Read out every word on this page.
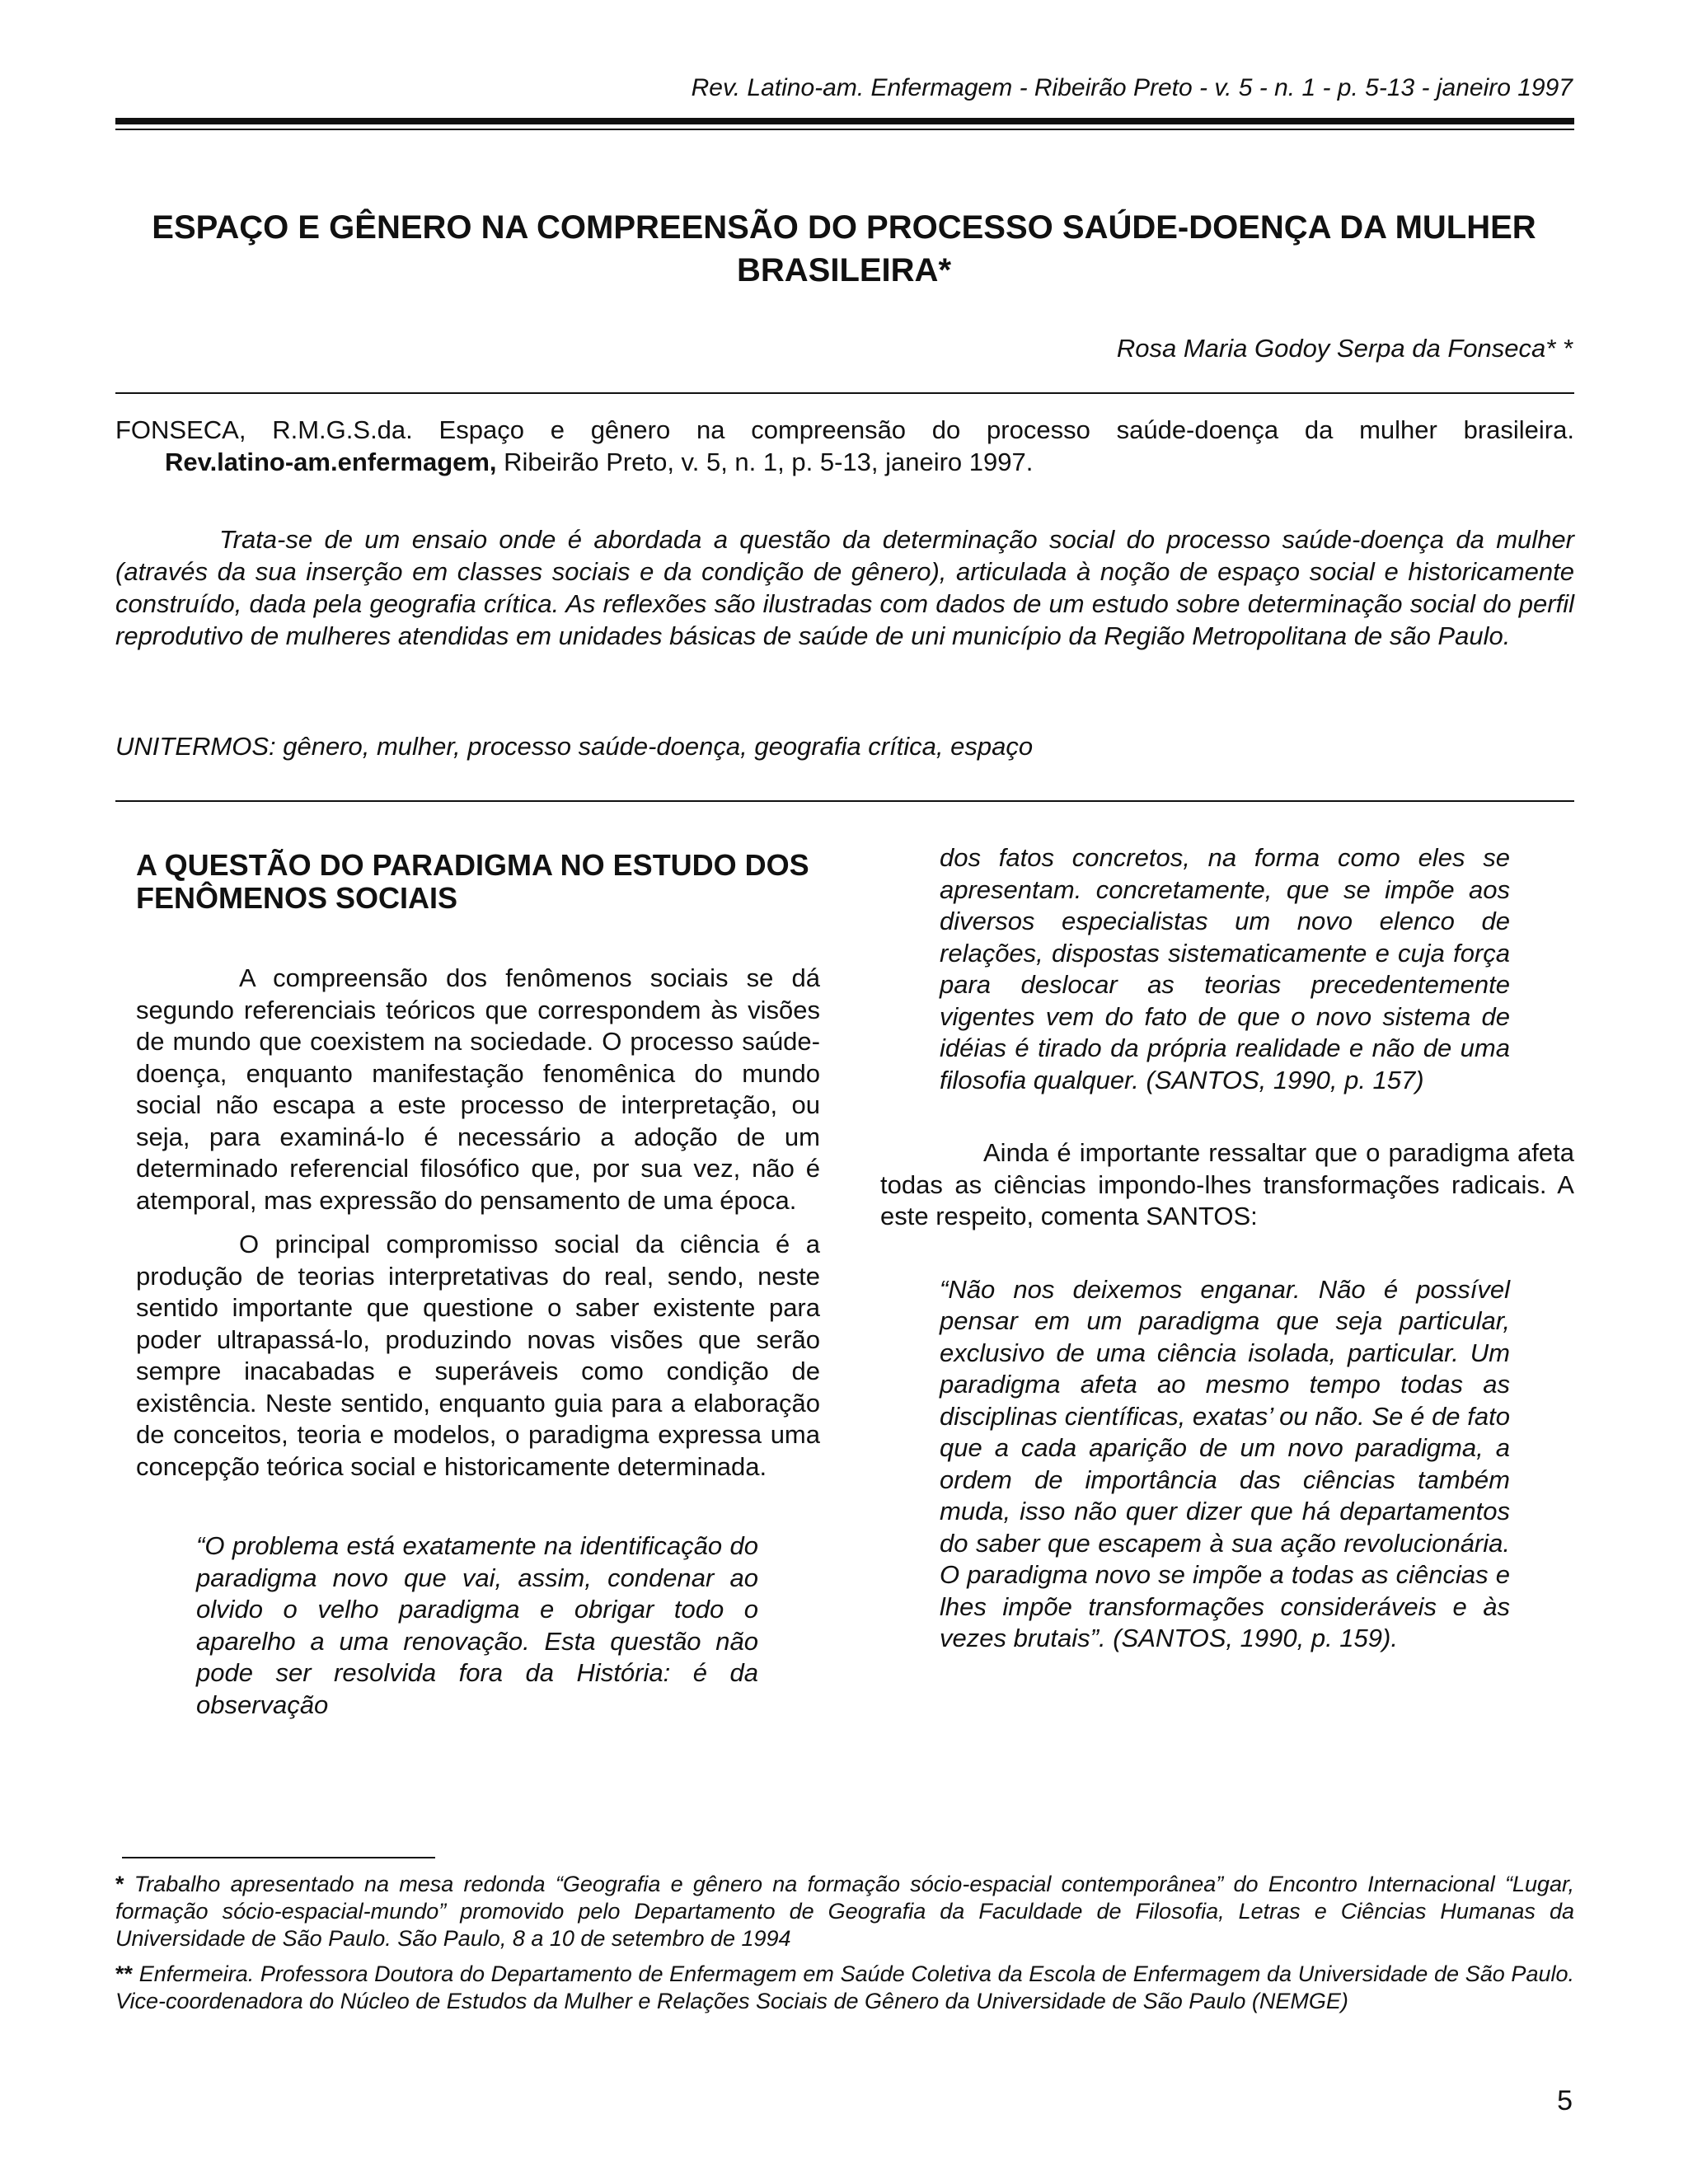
Rev. Latino-am. Enfermagem - Ribeirão Preto - v. 5 - n. 1 - p. 5-13 - janeiro 1997
ESPAÇO E GÊNERO NA COMPREENSÃO DO PROCESSO SAÚDE-DOENÇA DA MULHER
BRASILEIRA*
Rosa Maria Godoy Serpa da Fonseca* *

FONSECA, R.M.G.S.da. Espaço e gênero na compreensão do processo saúde-doença da mulher brasileira.

Rev.latino-am.enfermagem, Ribeirão Preto, v. 5, n. 1, p. 5-13, janeiro 1997.

Trata-se de um ensaio onde é abordada a questão da determinação social do processo saúde-doença da mulher (através da sua inserção em classes sociais e da condição de gênero), articulada à noção de espaço social e historicamente construído, dada pela geografia crítica. As reflexões são ilustradas com dados de um estudo sobre determinação social do perfil reprodutivo de mulheres atendidas em unidades básicas de saúde de uni município da Região Metropolitana de são Paulo.

UNITERMOS: gênero, mulher, processo saúde-doença, geografia crítica, espaço
A QUESTÃO DO PARADIGMA NO ESTUDO DOS FENÔMENOS SOCIAIS

A compreensão dos fenômenos sociais se dá segundo referenciais teóricos que correspondem às visões de mundo que coexistem na sociedade. O processo saúde-doença, enquanto manifestação fenomênica do mundo social não escapa a este processo de interpretação, ou seja, para examiná-lo é necessário a adoção de um determinado referencial filosófico que, por sua vez, não é atemporal, mas expressão do pensamento de uma época.

O principal compromisso social da ciência é a produção de teorias interpretativas do real, sendo, neste sentido importante que questione o saber existente para poder ultrapassá-lo, produzindo novas visões que serão sempre inacabadas e superáveis como condição de existência. Neste sentido, enquanto guia para a elaboração de conceitos, teoria e modelos, o paradigma expressa uma concepção teórica social e historicamente determinada.

“O problema está exatamente na identificação do paradigma novo que vai, assim, condenar ao olvido o velho paradigma e obrigar todo o aparelho a uma renovação. Esta questão não pode ser resolvida fora da História: é da observação

dos fatos concretos, na forma como eles se apresentam. concretamente, que se impõe aos diversos especialistas um novo elenco de relações, dispostas sistematicamente e cuja força para deslocar as teorias precedentemente vigentes vem do fato de que o novo sistema de idéias é tirado da própria realidade e não de uma filosofia qualquer. (SANTOS, 1990, p. 157)

Ainda é importante ressaltar que o paradigma afeta todas as ciências impondo-lhes transformações radicais. A este respeito, comenta SANTOS:

“Não nos deixemos enganar. Não é possível pensar em um paradigma que seja particular, exclusivo de uma ciência isolada, particular. Um paradigma afeta ao mesmo tempo todas as disciplinas científicas, exatas’ ou não. Se é de fato que a cada aparição de um novo paradigma, a ordem de importância das ciências também muda, isso não quer dizer que há departamentos do saber que escapem à sua ação revolucionária. O paradigma novo se impõe a todas as ciências e lhes impõe transformações consideráveis e às vezes brutais”. (SANTOS, 1990, p. 159).

* Trabalho apresentado na mesa redonda “Geografia e gênero na formação sócio-espacial contemporânea” do Encontro Internacional “Lugar, formação sócio-espacial-mundo” promovido pelo Departamento de Geografia da Faculdade de Filosofia, Letras e Ciências Humanas da Universidade de São Paulo. São Paulo, 8 a 10 de setembro de 1994

** Enfermeira. Professora Doutora do Departamento de Enfermagem em Saúde Coletiva da Escola de Enfermagem da Universidade de São Paulo. Vice-coordenadora do Núcleo de Estudos da Mulher e Relações Sociais de Gênero da Universidade de São Paulo (NEMGE)

5
